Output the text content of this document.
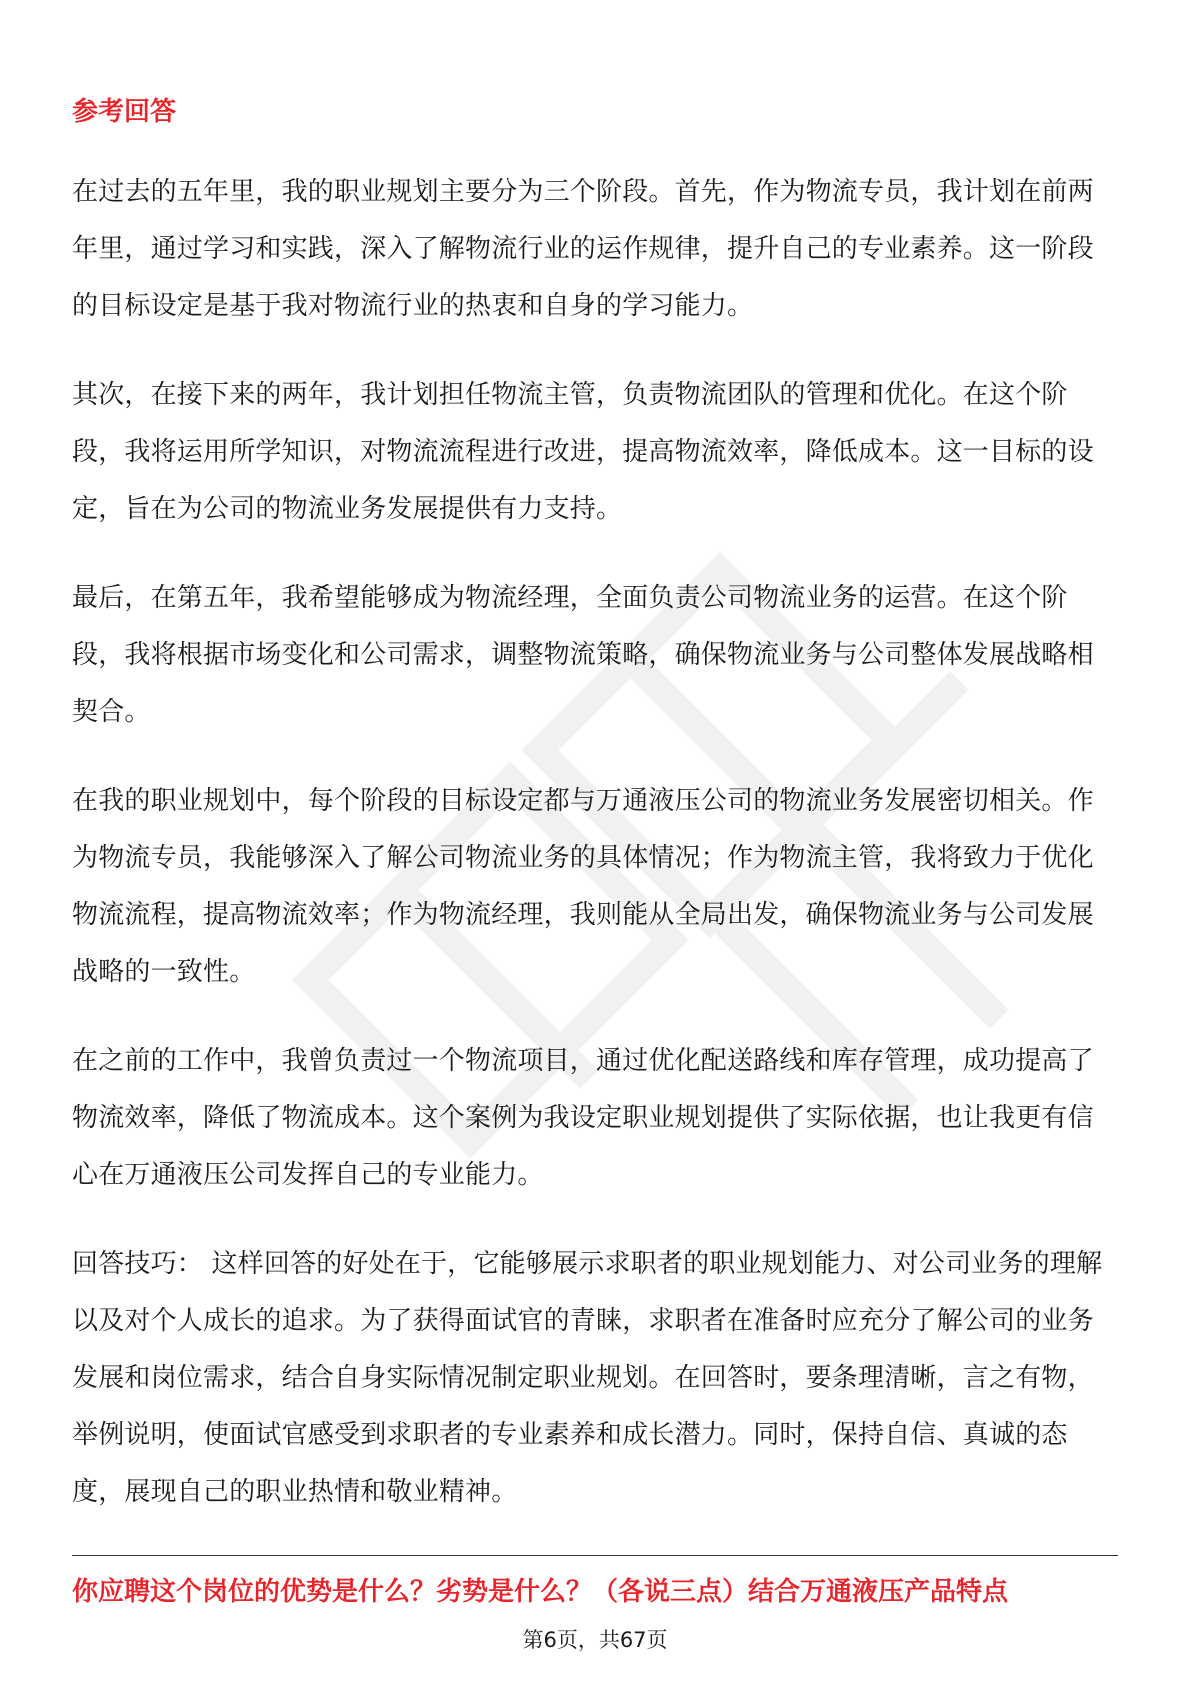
参考回答

在过去的五年里，我的职业规划主要分为三个阶段。首先，作为物流专员，我计划在前两年里，通过学习和实践，深入了解物流行业的运作规律，提升自己的专业素养。这一阶段的目标设定是基于我对物流行业的热衷和自身的学习能力。

其次，在接下来的两年，我计划担任物流主管，负责物流团队的管理和优化。在这个阶段，我将运用所学知识，对物流流程进行改进，提高物流效率，降低成本。这一目标的设定，旨在为公司的物流业务发展提供有力支持。

最后，在第五年，我希望能够成为物流经理，全面负责公司物流业务的运营。在这个阶段，我将根据市场变化和公司需求，调整物流策略，确保物流业务与公司整体发展战略相契合。

在我的职业规划中，每个阶段的目标设定都与万通液压公司的物流业务发展密切相关。作为物流专员，我能够深入了解公司物流业务的具体情况；作为物流主管，我将致力于优化物流流程，提高物流效率；作为物流经理，我则能从全局出发，确保物流业务与公司发展战略的一致性。

在之前的工作中，我曾负责过一个物流项目，通过优化配送路线和库存管理，成功提高了物流效率，降低了物流成本。这个案例为我设定职业规划提供了实际依据，也让我更有信心在万通液压公司发挥自己的专业能力。

回答技巧： 这样回答的好处在于，它能够展示求职者的职业规划能力、对公司业务的理解以及对个人成长的追求。为了获得面试官的青睐，求职者在准备时应充分了解公司的业务发展和岗位需求，结合自身实际情况制定职业规划。在回答时，要条理清晰，言之有物，举例说明，使面试官感受到求职者的专业素养和成长潜力。同时，保持自信、真诚的态度，展现自己的职业热情和敬业精神。

你应聘这个岗位的优势是什么？劣势是什么？（各说三点）结合万通液压产品特点
第6页，共67页
